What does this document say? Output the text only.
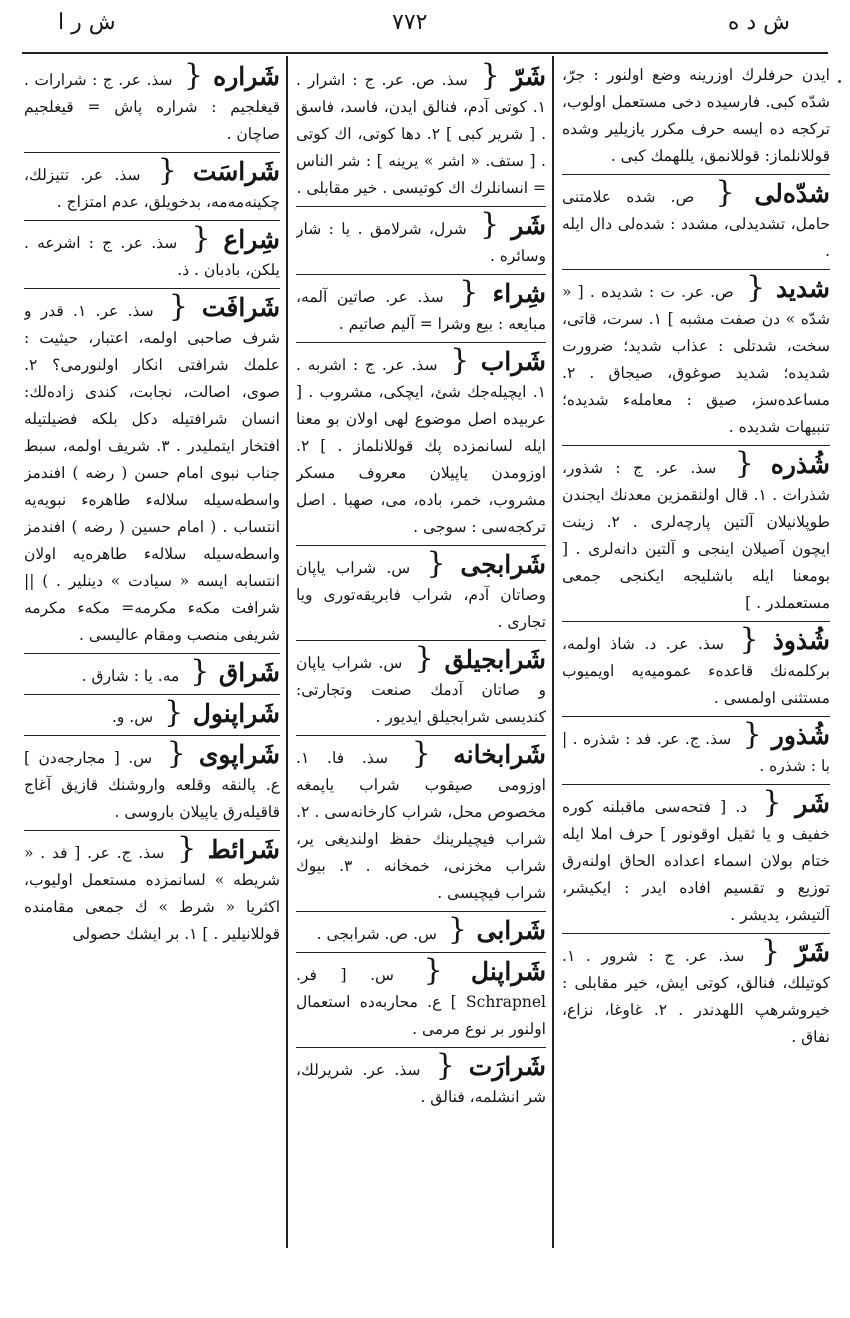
ش د ه
۷۷۲
ش ر ا

ايدن حرفلرك اوزرينه وضع اولنور : جرّ، شدّه كبى. فارسيده دخى مستعمل اولوب، تركجه ده ايسه حرف مكرر يازيلير وشده قوللانلماز: قوللا‌نمق، يللهمك كبى .

شدّه‌لى { ص. شده علامتنى حامل، تشديدلى، مشدد : شده‌لى دال ايله .

شديد { ص. عر. ت : شديده . [ « شدّه » دن صفت مشبه ] ١. سرت، قاتى، سخت، شدتلى : عذاب شديد؛ ضرورت شديده؛ شديد صوغوق، صيجاق . ٢. مساعده‌سز، صيق : معامله‌ء شديده؛ تنبيهات شديده .

شُذره { سذ. عر. ج : شذور، شذرات . ١. قال اولنقمزين معدنك ايجندن طوپلانيلان آلتين پارچه‌لرى . ٢. زينت ايچون آصيلان اينجى و آلتين دانه‌لرى . [ بومعنا ايله باشليجه ايكنجى جمعى مستعملدر . ]

شُذوذ { سذ. عر. د. شاذ اولمه، بركلمه‌نك قاعدهء عموميه‌يه اويميوب مستثنى اولمسى .

شُذور { سذ. ج. عر. فد : شذره . | با : شذره .

شَر { د. [ فتحه‌سى ماقبلنه كوره خفيف و يا ثقيل اوقونور ] حرف املا ايله ختام بولان اسماء اعداده الحاق اولنه‌رق توزيع و تقسيم افاده ايدر : ايكيشر، آلتيشر، يديشر .

شَرّ { سذ. عر. ج : شرور . ١. كوتيلك، فنالق، كوتى ايش، خير مقابلى : خيروشرهپ اللهدندر . ٢. غاوغا، نزاع، نفاق .

شَرّ { سذ. ص. عر. ج : اشرار . ١. كوتى آدم، فنالق ايدن، فاسد، فاسق . [ شرير كبى ] ٢. دها كوتى، اك كوتى . [ ستف. « اشر » يرينه ] : شر الناس = انسانلرك اك كوتيسى . خير مقابلى .

شَر { شرل، شرلامق . يا : شار وسائره .

شِراء { سذ. عر. صاتين آلمه، مبايعه : بيع وشرا = آليم صاتيم .

شَراب { سذ. عر. ج : اشربه . ١. ايچيله‌جك شئ، ايچكى، مشروب . [ عربيده اصل موضوع لهى اولان بو معنا ايله لسانمزده پك قوللانلماز . ] ٢. اوزومدن ياپيلان معروف مسكر مشروب، خمر، باده، مى، صهبا . اصل تركجه‌سى : سوجى .

شَرابجى { س. شراب ياپان وصاتان آدم، شراب فابريقه‌تورى ويا تجارى .

شَرابجيلق { س. شراب ياپان و صاتان آدمك صنعت وتجارتى: كنديسى شرابجيلق ايديور .

شَرابخانه { سذ. فا. ١. اوزومى صيقوب شراب ياپمغه مخصوص محل، شراب كارخانه‌سى . ٢. شراب فيچيلرينك حفظ اولنديغى ير، شراب مخزنى، خمخانه . ٣. بيوك شراب فيچيسى .

شَرابى { س. ص. شرابجى .

شَراپنل { س. [ فر. Schrapnel ] ع. محاربه‌ده استعمال اولنور بر نوع مرمى .

شَرارَت { سذ. عر. شريرلك، شر انشلمه، فنالق .

شَراره { سذ. عر. ج : شرارات . قيغلجيم : شراره پاش = قيغلجيم صاچان .

شَراسَت { سذ. عر. تتيزلك، چكينه‌مه‌مه، بدخويلق، عدم امتزاج .

شِراع { سذ. عر. ج : اشرعه . يلكن، بادبان . ذ.

شَرافَت { سذ. عر. ١. قدر و شرف صاحبى اولمه، اعتبار، حيثيت : علمك شرافتى انكار اولنورمى؟ ٢. صوى، اصالت، نجابت، كندى زاده‌لك: انسان شرافتيله دكل بلكه فضيلتيله افتخار ايتمليدر . ٣. شريف اولمه، سبط جناب نبوى امام حسن ( رضه ) افندمز واسطه‌سيله سلالهء طاهرهء نبويه‌يه انتساب . ( امام حسين ( رضه ) افندمز واسطه‌سيله سلالهء طاهره‌يه اولان انتسابه ايسه « سيادت » دينلير . ) || شرافت مكهء مكرمه= مكهء مكرمه شريفى منصب ومقام عاليسى .

شَراق { مه. يا : شارق .

شَراپنول { س. و.

شَراپوى { س. [ مجارجه‌دن ] ع. پالنقه وقلعه واروشنك قازيق آغاج قاقيله‌رق ياپيلان باروسى .

شَرائط { سذ. ج. عر. [ فد . « شريطه » لسانمزده مستعمل اوليوب، اكثريا « شرط » ك جمعى مقامنده قوللانيلير . ] ١. بر ايشك حصولى
